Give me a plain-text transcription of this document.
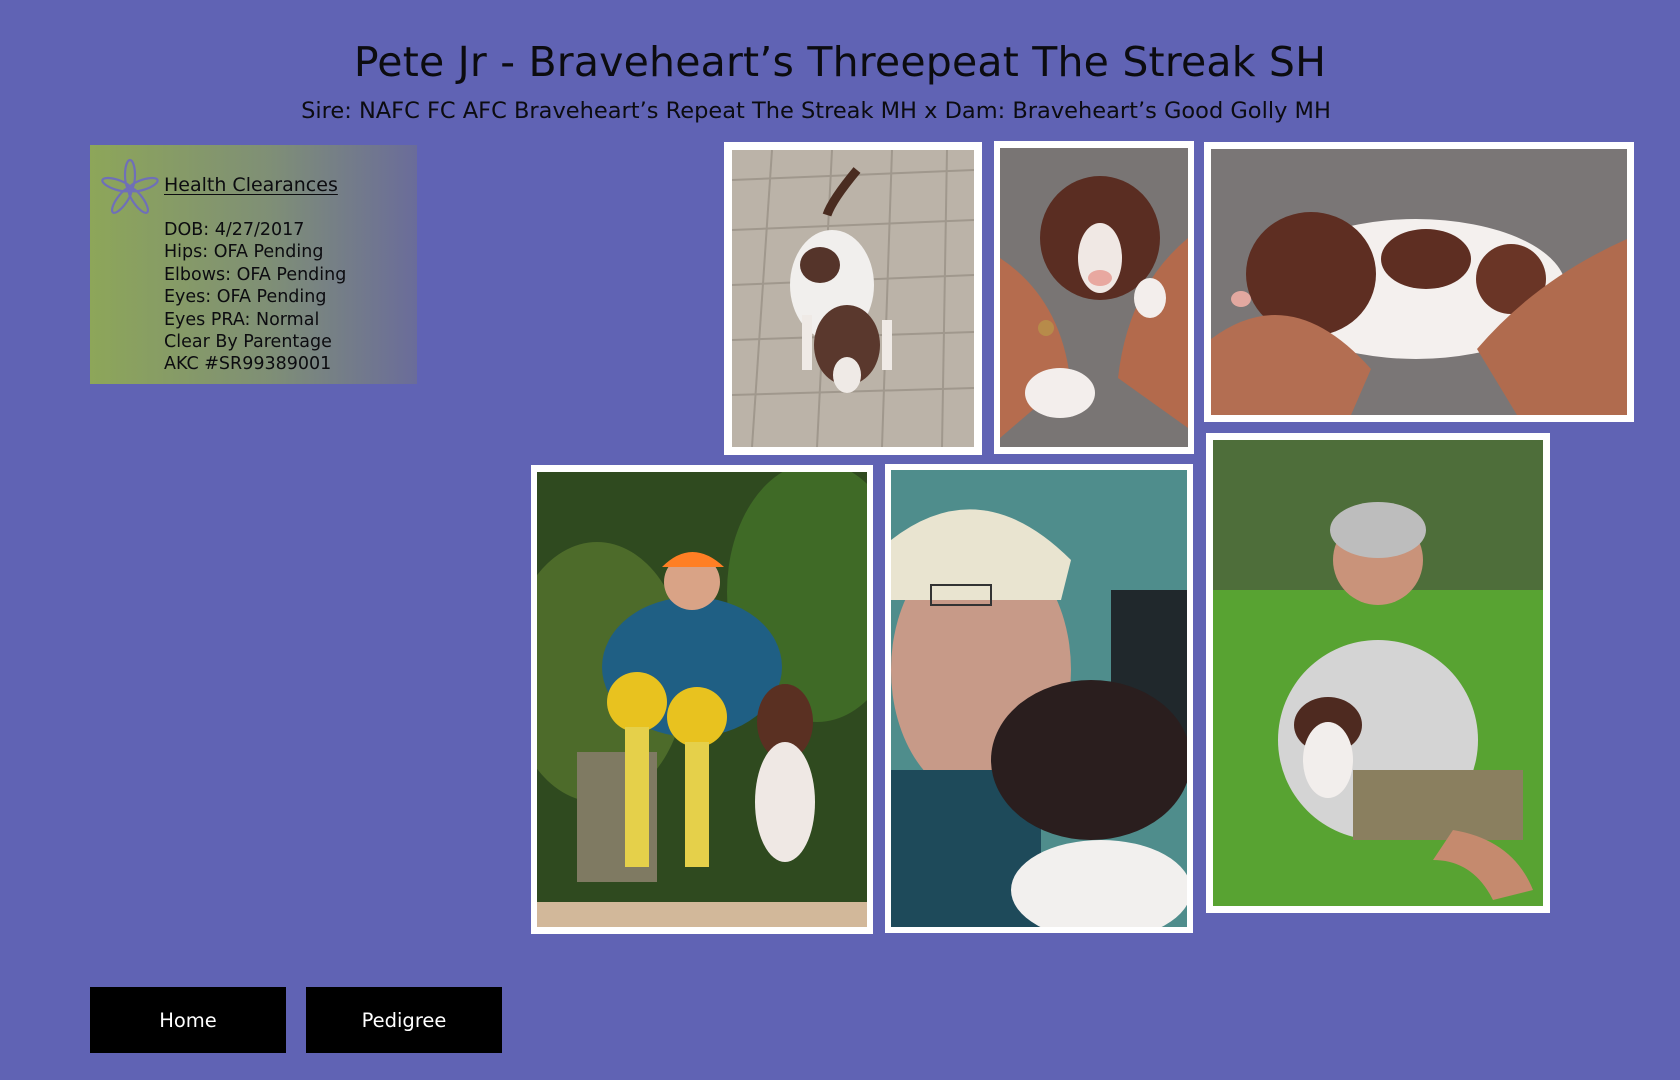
Pete Jr - Braveheart’s Threepeat The Streak SH
Sire: NAFC FC AFC Braveheart’s Repeat The Streak MH x Dam: Braveheart’s Good Golly MH
Health Clearances
DOB: 4/27/2017
Hips: OFA Pending
Elbows: OFA Pending
Eyes: OFA Pending
Eyes PRA: Normal
Clear By Parentage
AKC #SR99389001
Home	Pedigree
